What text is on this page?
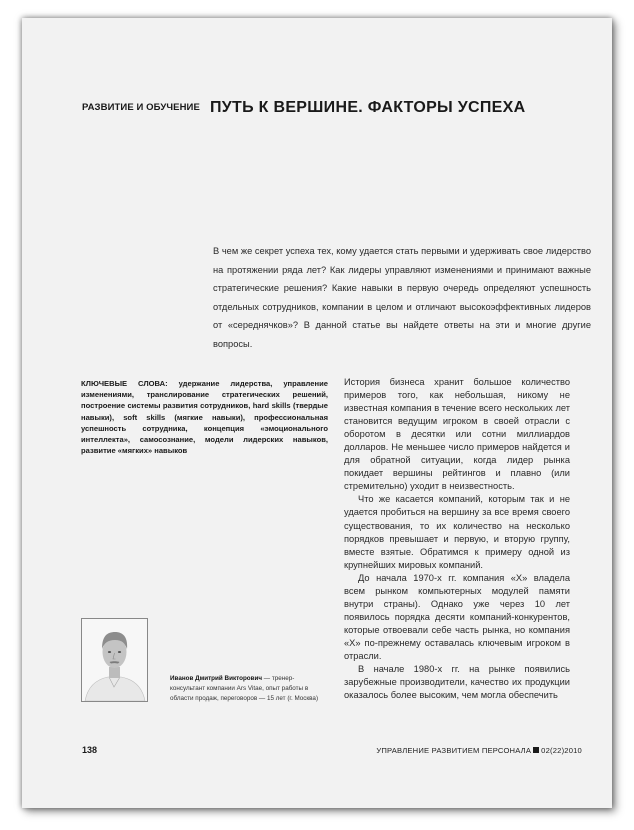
РАЗВИТИЕ И ОБУЧЕНИЕ ПУТЬ К ВЕРШИНЕ. ФАКТОРЫ УСПЕХА
В чем же секрет успеха тех, кому удается стать первыми и удерживать свое лидерство на протяжении ряда лет? Как лидеры управляют изменениями и принимают важные стратегические решения? Какие навыки в первую очередь определяют успешность отдельных сотрудников, компании в целом и отличают высокоэффективных лидеров от «середнячков»? В данной статье вы найдете ответы на эти и многие другие вопросы.
КЛЮЧЕВЫЕ СЛОВА: удержание лидерства, управление изменениями, транслирование стратегических решений, построение системы развития сотрудников, hard skills (твердые навыки), soft skills (мягкие навыки), профессиональная успешность сотрудника, концепция «эмоционального интеллекта», самосознание, модели лидерских навыков, развитие «мягких» навыков

История бизнеса хранит большое количество примеров того, как небольшая, никому не известная компания в течение всего нескольких лет становится ведущим игроком в своей отрасли с оборотом в десятки или сотни миллиардов долларов. Не меньшее число примеров найдется и для обратной ситуации, когда лидер рынка покидает вершины рейтингов и плавно (или стремительно) уходит в неизвестность.

Что же касается компаний, которым так и не удается пробиться на вершину за все время своего существования, то их количество на несколько порядков превышает и первую, и вторую группу, вместе взятые. Обратимся к примеру одной из крупнейших мировых компаний.

До начала 1970-х гг. компания «Х» владела всем рынком компьютерных модулей памяти внутри страны). Однако уже через 10 лет появилось порядка десяти компаний-конкурентов, которые отвоевали себе часть рынка, но компания «Х» по-прежнему оставалась ключевым игроком в отрасли.

В начале 1980-х гг. на рынке появились зарубежные производители, качество их продукции оказалось более высоким, чем могла обеспечить

Иванов Дмитрий Викторович — тренер-консультант компании Ars Vitae, опыт работы в области продаж, переговоров — 15 лет (г. Москва)
138	УПРАВЛЕНИЕ РАЗВИТИЕМ ПЕРСОНАЛА 02(22)2010
